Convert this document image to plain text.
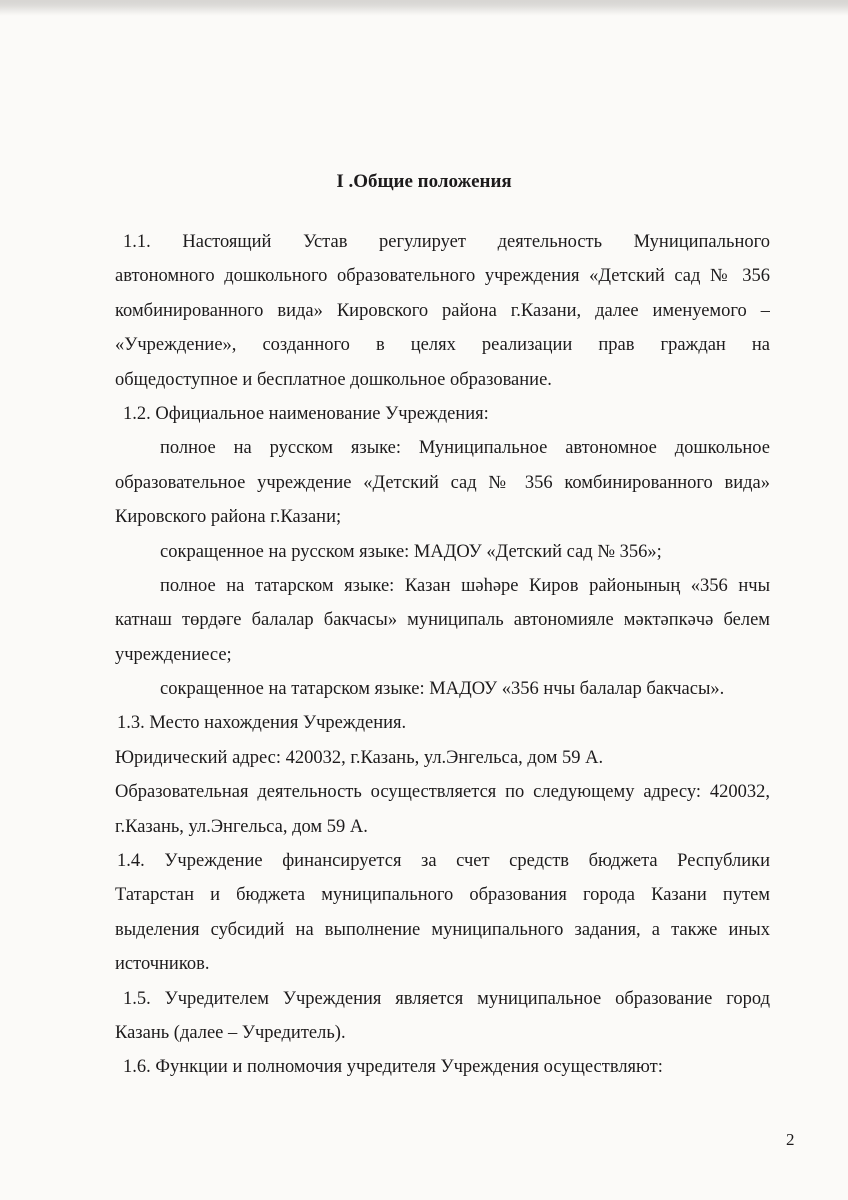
I .Общие положения
1.1. Настоящий Устав регулирует деятельность Муниципального
автономного дошкольного образовательного учреждения «Детский сад № 356
комбинированного вида» Кировского района г.Казани, далее именуемого –
«Учреждение», созданного в целях реализации прав граждан на
общедоступное и бесплатное дошкольное образование.
1.2. Официальное наименование Учреждения:
полное на русском языке: Муниципальное автономное дошкольное
образовательное учреждение «Детский сад № 356 комбинированного вида»
Кировского района г.Казани;
сокращенное на русском языке: МАДОУ «Детский сад № 356»;
полное на татарском языке: Казан шәһәре Киров районының «356 нчы
катнаш төрдәге балалар бакчасы» муниципаль автономияле мәктәпкәчә белем
учреждениесе;
сокращенное на татарском языке: МАДОУ «356 нчы балалар бакчасы».
1.3. Место нахождения Учреждения.
Юридический адрес: 420032, г.Казань, ул.Энгельса, дом 59 А.
Образовательная деятельность осуществляется по следующему адресу: 420032,
г.Казань, ул.Энгельса, дом 59 А.
1.4. Учреждение финансируется за счет средств бюджета Республики
Татарстан и бюджета муниципального образования города Казани путем
выделения субсидий на выполнение муниципального задания, а также иных
источников.
1.5. Учредителем Учреждения является муниципальное образование город
Казань (далее – Учредитель).
1.6. Функции и полномочия учредителя Учреждения осуществляют:
2
